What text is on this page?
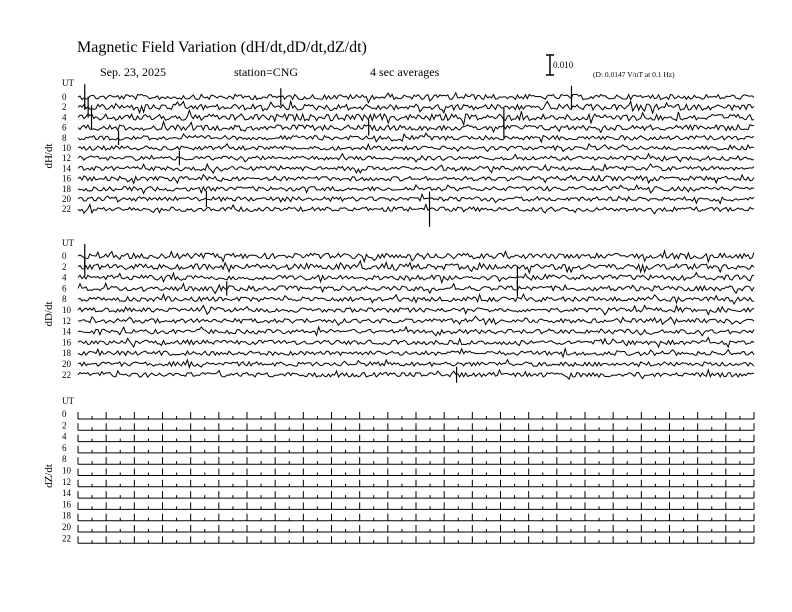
Magnetic Field Variation (dH/dt,dD/dt,dZ/dt)
Sep. 23, 2025	station=CNG	4 sec averages	0.010
(D: 0.0147 V/nT at 0.1 Hz)
UT
dH/dt
0
2
4
6
8
10
12
14
16
18
20
22
UT
dD/dt
0
2
4
6
8
10
12
14
16
18
20
22
UT
dZ/dt
0
2
4
6
8
10
12
14
16
18
20
22
